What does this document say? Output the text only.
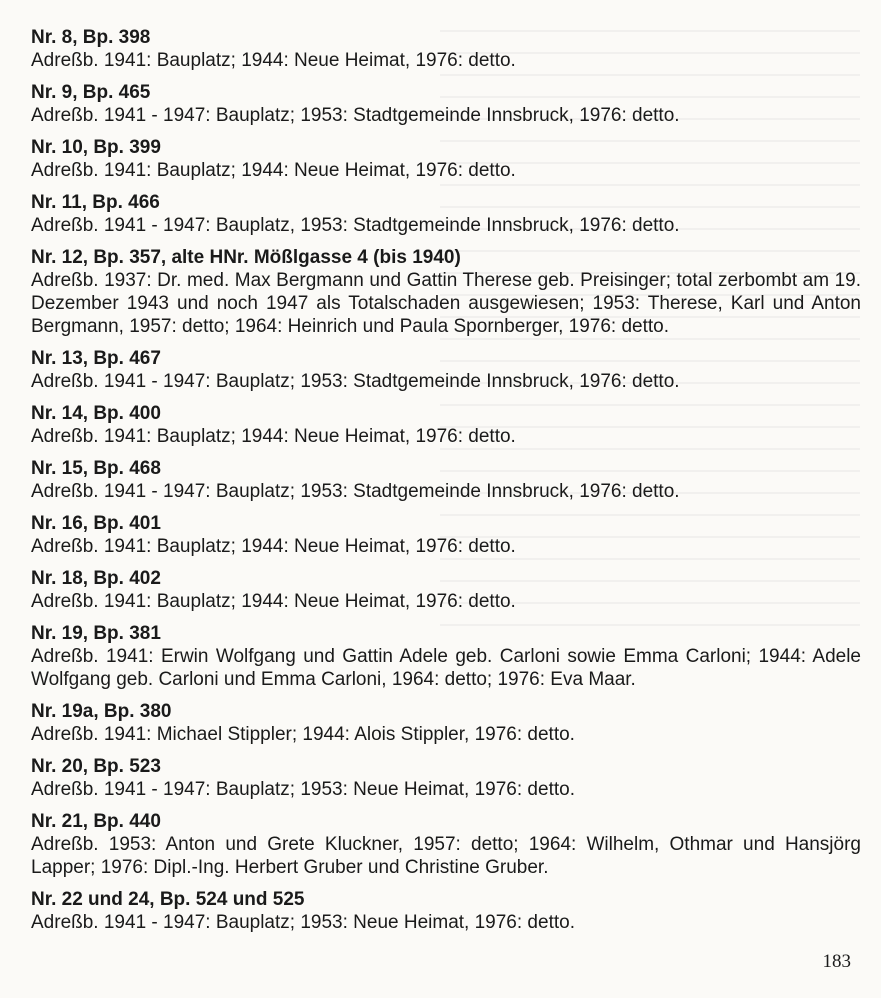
Nr. 8, Bp. 398

Adreßb. 1941: Bauplatz; 1944: Neue Heimat, 1976: detto.

Nr. 9, Bp. 465

Adreßb. 1941 - 1947: Bauplatz; 1953: Stadtgemeinde Innsbruck, 1976: detto.

Nr. 10, Bp. 399

Adreßb. 1941: Bauplatz; 1944: Neue Heimat, 1976: detto.

Nr. 11, Bp. 466

Adreßb. 1941 - 1947: Bauplatz, 1953: Stadtgemeinde Innsbruck, 1976: detto.

Nr. 12, Bp. 357, alte HNr. Mößlgasse 4 (bis 1940)

Adreßb. 1937: Dr. med. Max Bergmann und Gattin Therese geb. Preisinger; total zerbombt am 19. Dezember 1943 und noch 1947 als Totalschaden ausgewiesen; 1953: Therese, Karl und Anton Bergmann, 1957: detto; 1964: Heinrich und Paula Spornberger, 1976: detto.

Nr. 13, Bp. 467

Adreßb. 1941 - 1947: Bauplatz; 1953: Stadtgemeinde Innsbruck, 1976: detto.

Nr. 14, Bp. 400

Adreßb. 1941: Bauplatz; 1944: Neue Heimat, 1976: detto.

Nr. 15, Bp. 468

Adreßb. 1941 - 1947: Bauplatz; 1953: Stadtgemeinde Innsbruck, 1976: detto.

Nr. 16, Bp. 401

Adreßb. 1941: Bauplatz; 1944: Neue Heimat, 1976: detto.

Nr. 18, Bp. 402

Adreßb. 1941: Bauplatz; 1944: Neue Heimat, 1976: detto.

Nr. 19, Bp. 381

Adreßb. 1941: Erwin Wolfgang und Gattin Adele geb. Carloni sowie Emma Carloni; 1944: Adele Wolfgang geb. Carloni und Emma Carloni, 1964: detto; 1976: Eva Maar.

Nr. 19a, Bp. 380

Adreßb. 1941: Michael Stippler; 1944: Alois Stippler, 1976: detto.

Nr. 20, Bp. 523

Adreßb. 1941 - 1947: Bauplatz; 1953: Neue Heimat, 1976: detto.

Nr. 21, Bp. 440

Adreßb. 1953: Anton und Grete Kluckner, 1957: detto; 1964: Wilhelm, Othmar und Hansjörg Lapper; 1976: Dipl.-Ing. Herbert Gruber und Christine Gruber.

Nr. 22 und 24, Bp. 524 und 525

Adreßb. 1941 - 1947: Bauplatz; 1953: Neue Heimat, 1976: detto.

183
